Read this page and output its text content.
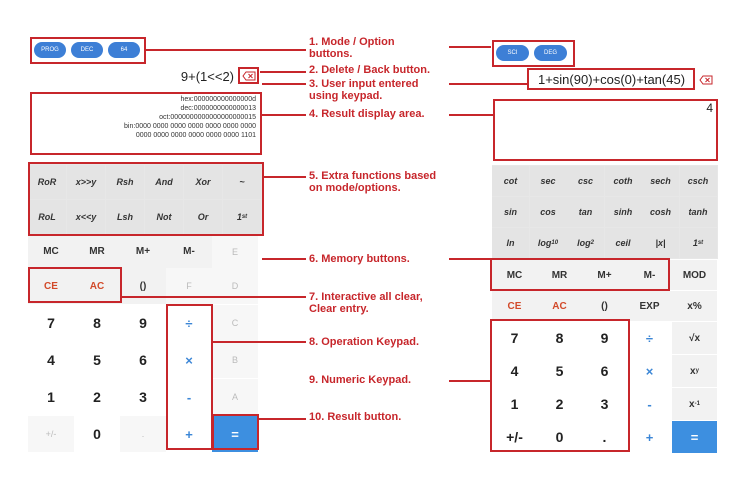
PROG	DEC	64
9+(1<<2)
hex:000000000000000d
dec:0000000000000013
oct:0000000000000000000015
bin:0000 0000 0000 0000 0000 0000 0000
0000 0000 0000 0000 0000 0000 1101
RoR	x>>y	Rsh	And	Xor	~
RoL	x<<y	Lsh	Not	Or	1 st
MC	MR	M+	M-	E
CE	AC	()	F	D
7	8	9	÷	C
4	5	6	×	B
1	2	3	-	A
+/-	0	.	+	=
SCI	DEG
1+sin(90)+cos(0)+tan(45)
4
cot	sec	csc	coth	sech	csch
sin	cos	tan	sinh	cosh	tanh
ln	log 10	log 2	ceil	|x|	1 st
MC	MR	M+	M-	MOD
CE	AC	()	EXP	x%
7	8	9	÷	√x
4	5	6	×	x y
1	2	3	-	x -1
+/-	0	.	+	=
1. Mode / Option
buttons.
2. Delete / Back button.
3. User input entered
using keypad.
4. Result display area.
5. Extra functions based
on mode/options.
6. Memory buttons.
7. Interactive all clear,
Clear entry.
8. Operation Keypad.
9. Numeric Keypad.
10. Result button.
